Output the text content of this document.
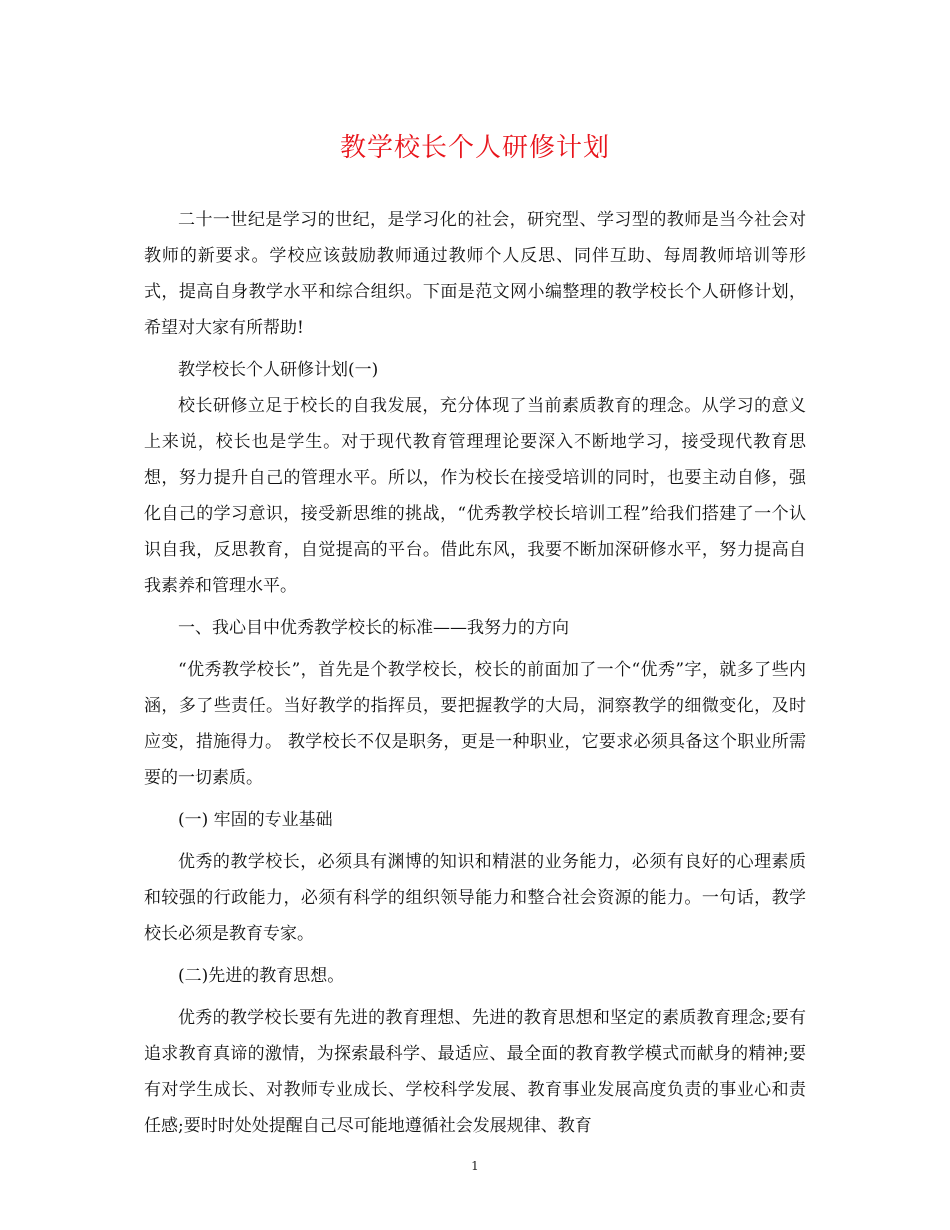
教学校长个人研修计划

二十一世纪是学习的世纪，是学习化的社会，研究型、学习型的教师是当今社会对教师的新要求。学校应该鼓励教师通过教师个人反思、同伴互助、每周教师培训等形式，提高自身教学水平和综合组织。下面是范文网小编整理的教学校长个人研修计划，希望对大家有所帮助!

教学校长个人研修计划(一)

校长研修立足于校长的自我发展，充分体现了当前素质教育的理念。从学习的意义上来说，校长也是学生。对于现代教育管理理论要深入不断地学习，接受现代教育思想，努力提升自己的管理水平。所以，作为校长在接受培训的同时，也要主动自修，强化自己的学习意识，接受新思维的挑战，“优秀教学校长培训工程”给我们搭建了一个认识自我，反思教育，自觉提高的平台。借此东风，我要不断加深研修水平，努力提高自我素养和管理水平。

一、我心目中优秀教学校长的标准——我努力的方向

“优秀教学校长”，首先是个教学校长，校长的前面加了一个“优秀”字，就多了些内涵，多了些责任。当好教学的指挥员，要把握教学的大局，洞察教学的细微变化，及时应变，措施得力。 教学校长不仅是职务，更是一种职业，它要求必须具备这个职业所需要的一切素质。

(一) 牢固的专业基础

优秀的教学校长，必须具有渊博的知识和精湛的业务能力，必须有良好的心理素质和较强的行政能力，必须有科学的组织领导能力和整合社会资源的能力。一句话，教学校长必须是教育专家。

(二)先进的教育思想。

优秀的教学校长要有先进的教育理想、先进的教育思想和坚定的素质教育理念;要有追求教育真谛的激情，为探索最科学、最适应、最全面的教育教学模式而献身的精神;要有对学生成长、对教师专业成长、学校科学发展、教育事业发展高度负责的事业心和责任感;要时时处处提醒自己尽可能地遵循社会发展规律、教育

1
